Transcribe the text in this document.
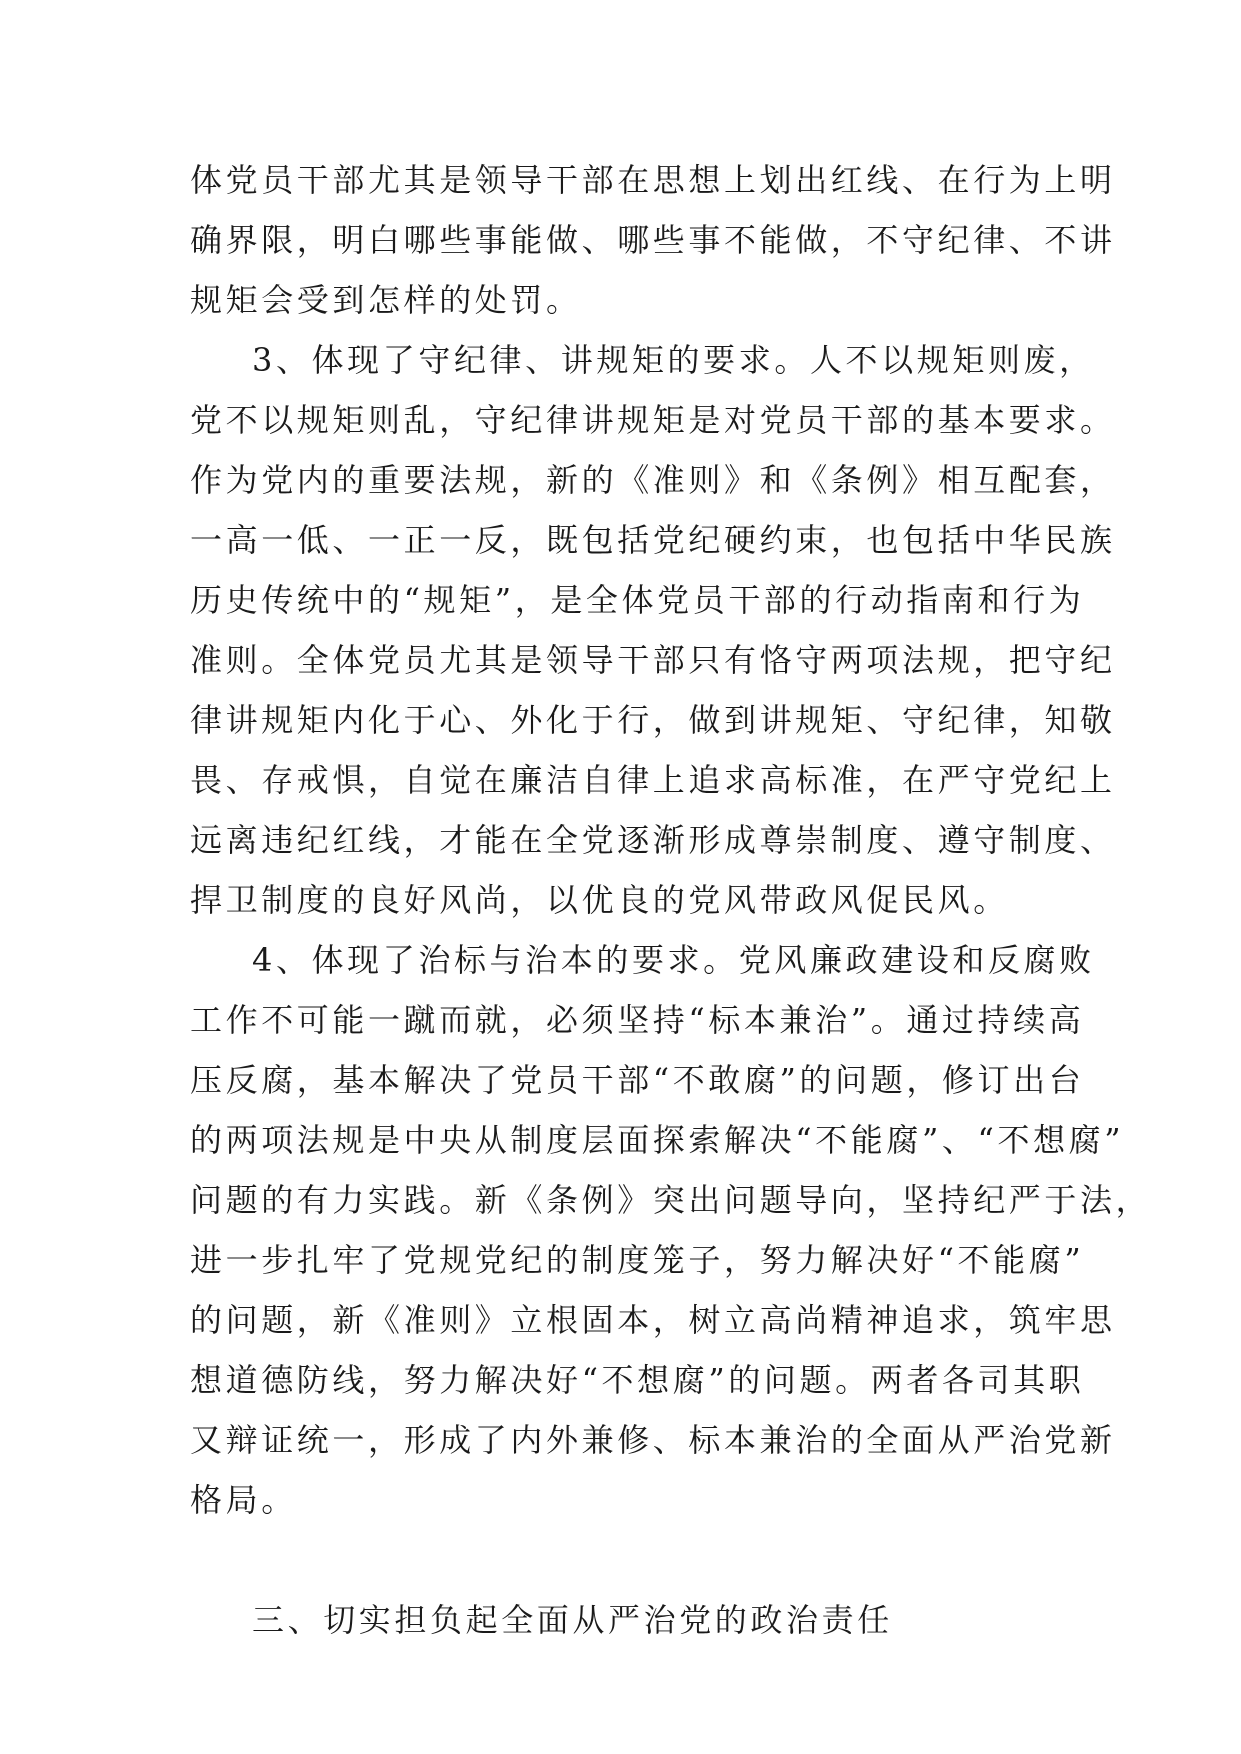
体党员干部尤其是领导干部在思想上划出红线、在行为上明
确界限，明白哪些事能做、哪些事不能做，不守纪律、不讲
规矩会受到怎样的处罚。
3、体现了守纪律、讲规矩的要求。人不以规矩则废，
党不以规矩则乱，守纪律讲规矩是对党员干部的基本要求。
作为党内的重要法规，新的《准则》和《条例》相互配套，
一高一低、一正一反，既包括党纪硬约束，也包括中华民族
历史传统中的“规矩”，是全体党员干部的行动指南和行为
准则。全体党员尤其是领导干部只有恪守两项法规，把守纪
律讲规矩内化于心、外化于行，做到讲规矩、守纪律，知敬
畏、存戒惧，自觉在廉洁自律上追求高标准，在严守党纪上
远离违纪红线，才能在全党逐渐形成尊崇制度、遵守制度、
捍卫制度的良好风尚，以优良的党风带政风促民风。
4、体现了治标与治本的要求。党风廉政建设和反腐败
工作不可能一蹴而就，必须坚持“标本兼治”。通过持续高
压反腐，基本解决了党员干部“不敢腐”的问题，修订出台
的两项法规是中央从制度层面探索解决“不能腐”、“不想腐”
问题的有力实践。新《条例》突出问题导向，坚持纪严于法，
进一步扎牢了党规党纪的制度笼子，努力解决好“不能腐”
的问题，新《准则》立根固本，树立高尚精神追求，筑牢思
想道德防线，努力解决好“不想腐”的问题。两者各司其职
又辩证统一，形成了内外兼修、标本兼治的全面从严治党新
格局。
三、切实担负起全面从严治党的政治责任
